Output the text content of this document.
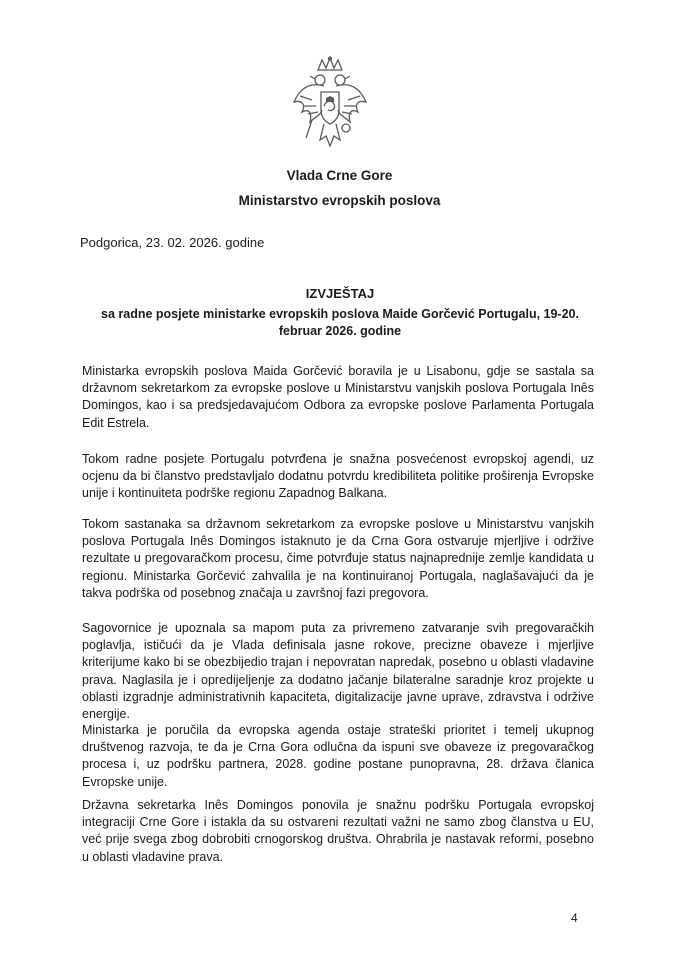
Vlada Crne Gore
Ministarstvo evropskih poslova
Podgorica, 23. 02. 2026. godine
IZVJEŠTAJ
sa radne posjete ministarke evropskih poslova Maide Gorčević Portugalu, 19-20. februar 2026. godine

Ministarka evropskih poslova Maida Gorčević boravila je u Lisabonu, gdje se sastala sa državnom sekretarkom za evropske poslove u Ministarstvu vanjskih poslova Portugala Inês Domingos, kao i sa predsjedavajućom Odbora za evropske poslove Parlamenta Portugala Edit Estrela.

Tokom radne posjete Portugalu potvrđena je snažna posvećenost evropskoj agendi, uz ocjenu da bi članstvo predstavljalo dodatnu potvrdu kredibiliteta politike proširenja Evropske unije i kontinuiteta podrške regionu Zapadnog Balkana.

Tokom sastanaka sa državnom sekretarkom za evropske poslove u Ministarstvu vanjskih poslova Portugala Inês Domingos istaknuto je da Crna Gora ostvaruje mjerljive i održive rezultate u pregovaračkom procesu, čime potvrđuje status najnaprednije zemlje kandidata u regionu. Ministarka Gorčević zahvalila je na kontinuiranoj Portugala, naglašavajući da je takva podrška od posebnog značaja u završnoj fazi pregovora.

Sagovornice je upoznala sa mapom puta za privremeno zatvaranje svih pregovaračkih poglavlja, ističući da je Vlada definisala jasne rokove, precizne obaveze i mjerljive kriterijume kako bi se obezbijedio trajan i nepovratan napredak, posebno u oblasti vladavine prava. Naglasila je i opredijeljenje za dodatno jačanje bilateralne saradnje kroz projekte u oblasti izgradnje administrativnih kapaciteta, digitalizacije javne uprave, zdravstva i održive energije.

Ministarka je poručila da evropska agenda ostaje strateški prioritet i temelj ukupnog društvenog razvoja, te da je Crna Gora odlučna da ispuni sve obaveze iz pregovaračkog procesa i, uz podršku partnera, 2028. godine postane punopravna, 28. država članica Evropske unije.

Državna sekretarka Inês Domingos ponovila je snažnu podršku Portugala evropskoj integraciji Crne Gore i istakla da su ostvareni rezultati važni ne samo zbog članstva u EU, već prije svega zbog dobrobiti crnogorskog društva. Ohrabrila je nastavak reformi, posebno u oblasti vladavine prava.

4
